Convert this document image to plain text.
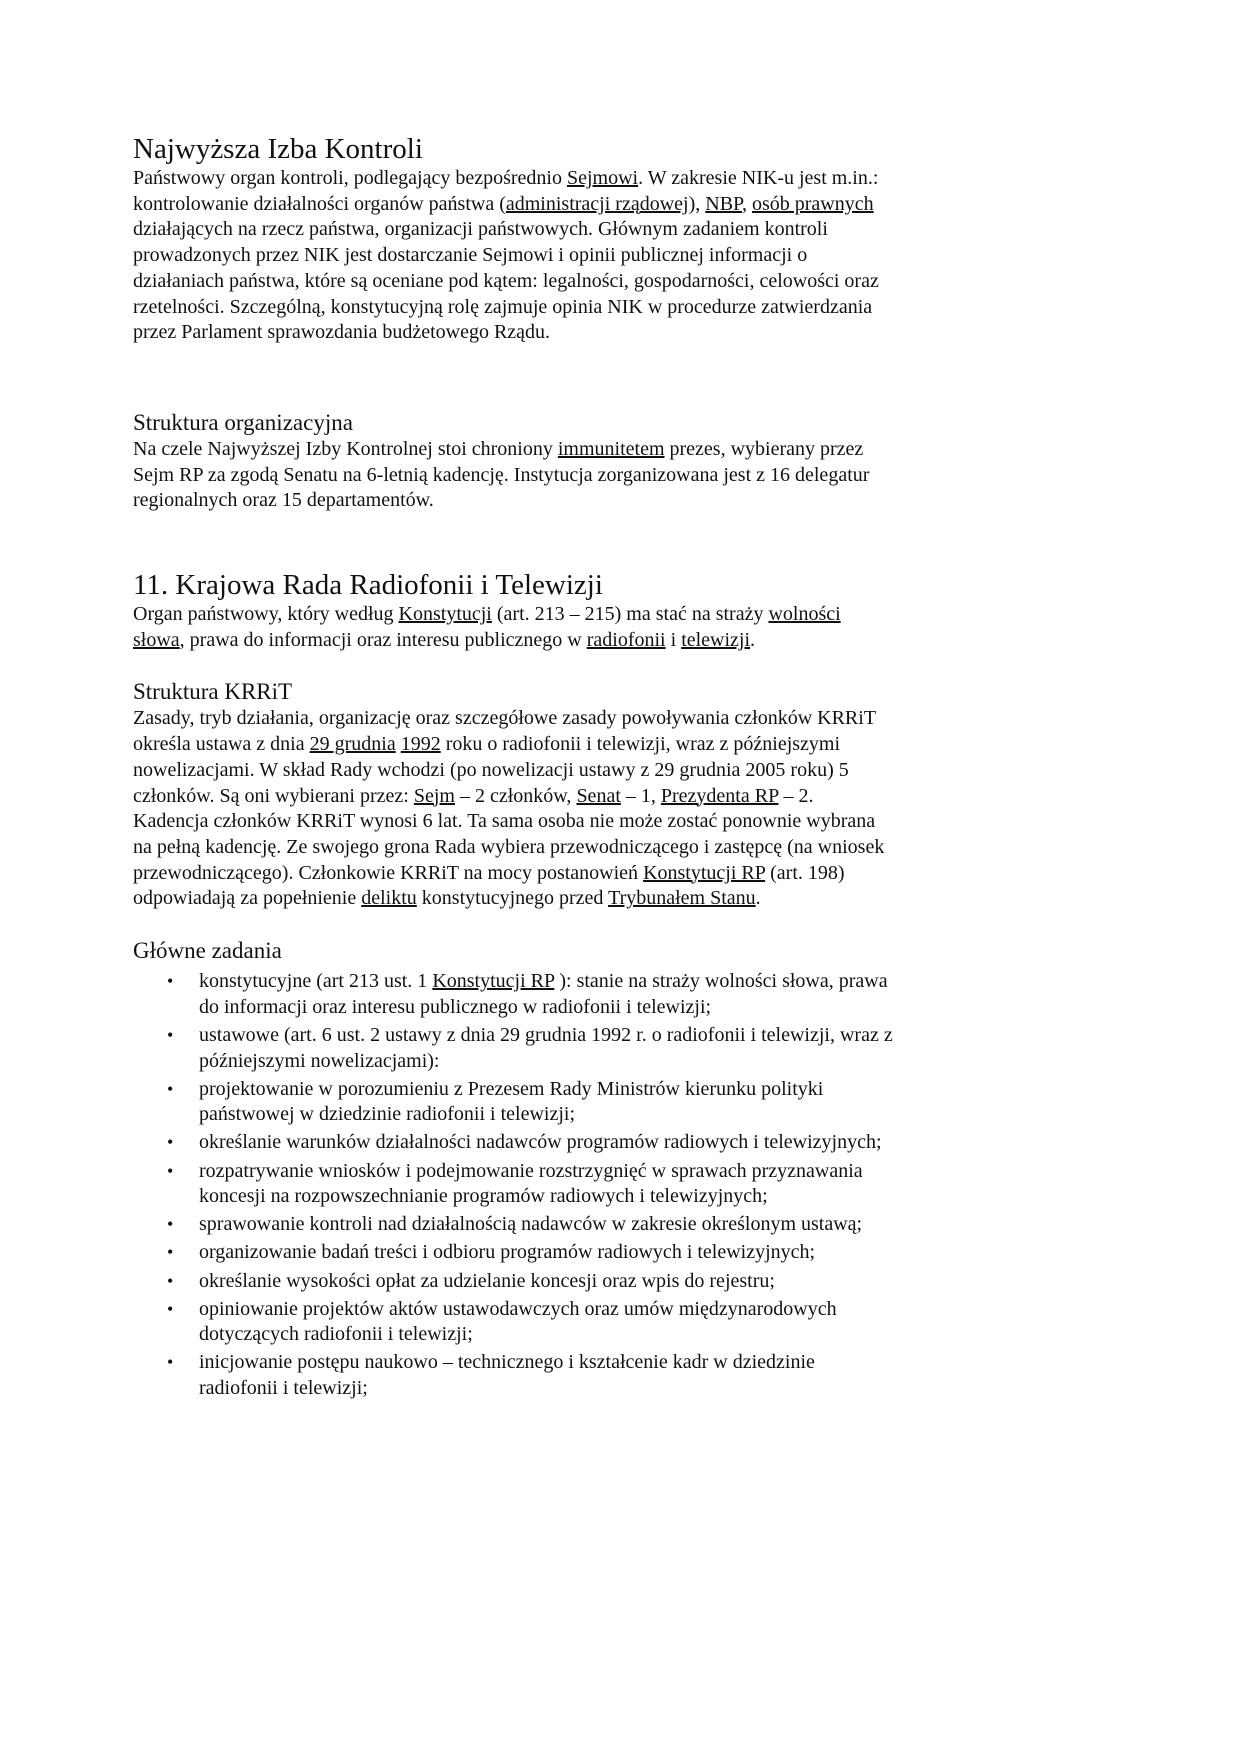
Najwyższa Izba Kontroli

Państwowy organ kontroli, podlegający bezpośrednio Sejmowi. W zakresie NIK-u jest m.in.:
kontrolowanie działalności organów państwa (administracji rządowej), NBP, osób prawnych
działających na rzecz państwa, organizacji państwowych. Głównym zadaniem kontroli
prowadzonych przez NIK jest dostarczanie Sejmowi i opinii publicznej informacji o
działaniach państwa, które są oceniane pod kątem: legalności, gospodarności, celowości oraz
rzetelności. Szczególną, konstytucyjną rolę zajmuje opinia NIK w procedurze zatwierdzania
przez Parlament sprawozdania budżetowego Rządu.

Struktura organizacyjna

Na czele Najwyższej Izby Kontrolnej stoi chroniony immunitetem prezes, wybierany przez
Sejm RP za zgodą Senatu na 6-letnią kadencję. Instytucja zorganizowana jest z 16 delegatur
regionalnych oraz 15 departamentów.

11. Krajowa Rada Radiofonii i Telewizji

Organ państwowy, który według Konstytucji (art. 213 – 215) ma stać na straży wolności
słowa, prawa do informacji oraz interesu publicznego w radiofonii i telewizji.

Struktura KRRiT

Zasady, tryb działania, organizację oraz szczegółowe zasady powoływania członków KRRiT
określa ustawa z dnia 29 grudnia 1992 roku o radiofonii i telewizji, wraz z późniejszymi
nowelizacjami. W skład Rady wchodzi (po nowelizacji ustawy z 29 grudnia 2005 roku) 5
członków. Są oni wybierani przez: Sejm – 2 członków, Senat – 1, Prezydenta RP – 2.
Kadencja członków KRRiT wynosi 6 lat. Ta sama osoba nie może zostać ponownie wybrana
na pełną kadencję. Ze swojego grona Rada wybiera przewodniczącego i zastępcę (na wniosek
przewodniczącego). Członkowie KRRiT na mocy postanowień Konstytucji RP (art. 198)
odpowiadają za popełnienie deliktu konstytucyjnego przed Trybunałem Stanu.

Główne zadania
• konstytucyjne (art 213 ust. 1 Konstytucji RP ): stanie na straży wolności słowa, prawa
do informacji oraz interesu publicznego w radiofonii i telewizji;
• ustawowe (art. 6 ust. 2 ustawy z dnia 29 grudnia 1992 r. o radiofonii i telewizji, wraz z
późniejszymi nowelizacjami):
• projektowanie w porozumieniu z Prezesem Rady Ministrów kierunku polityki
państwowej w dziedzinie radiofonii i telewizji;
• określanie warunków działalności nadawców programów radiowych i telewizyjnych;
• rozpatrywanie wniosków i podejmowanie rozstrzygnięć w sprawach przyznawania
koncesji na rozpowszechnianie programów radiowych i telewizyjnych;
• sprawowanie kontroli nad działalnością nadawców w zakresie określonym ustawą;
• organizowanie badań treści i odbioru programów radiowych i telewizyjnych;
• określanie wysokości opłat za udzielanie koncesji oraz wpis do rejestru;
• opiniowanie projektów aktów ustawodawczych oraz umów międzynarodowych
dotyczących radiofonii i telewizji;
• inicjowanie postępu naukowo – technicznego i kształcenie kadr w dziedzinie
radiofonii i telewizji;
